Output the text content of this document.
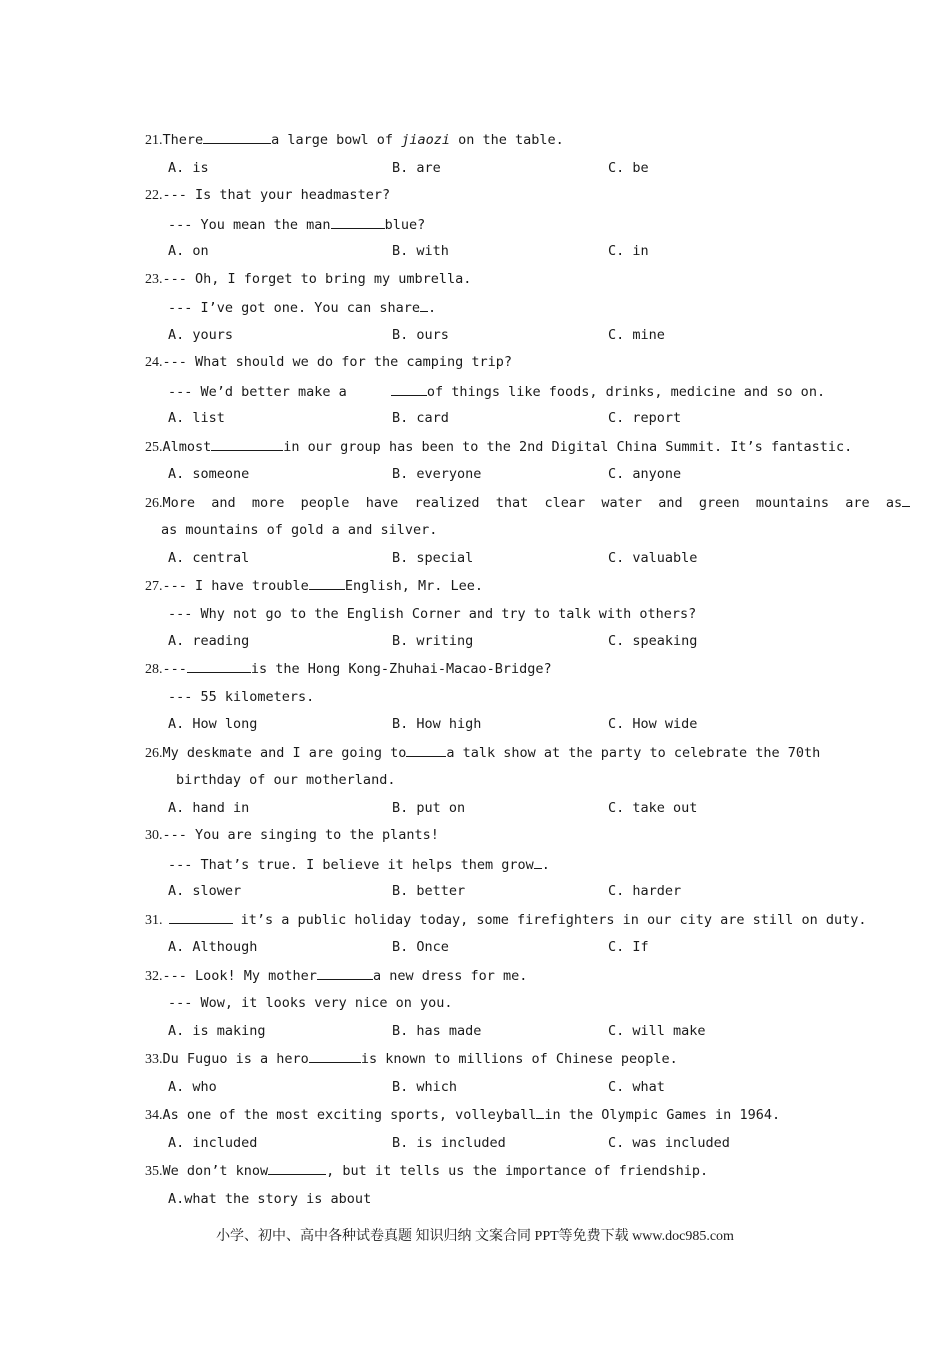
21.There	a large bowl of jiaozi on the table.
A. is	B. are	C. be
22.--- Is that your headmaster?
--- You mean the man	blue?
A. on	B. with	C. in
23.--- Oh, I forget to bring my umbrella.
--- I’ve got one. You can share .
A. yours	B. ours	C. mine
24.--- What should we do for the camping trip?
--- We’d better make a	of things like foods, drinks, medicine and so on.
A. list	B. card	C. report
25.Almost	in our group has been to the 2nd Digital China Summit. It’s fantastic.
A. someone	B. everyone	C. anyone
26.More  and  more  people  have  realized  that  clear  water  and  green  mountains  are  as
as mountains of gold a and silver.
A. central	B. special	C. valuable
27.--- I have trouble	English, Mr. Lee.
--- Why not go to the English Corner and try to talk with others?
A. reading	B. writing	C. speaking
28.---	is the Hong Kong-Zhuhai-Macao-Bridge?
--- 55 kilometers.
A. How long	B. How high	C. How wide
26.My deskmate and I are going to	a talk show at the party to celebrate the 70th
birthday of our motherland.
A. hand in	B. put on	C. take out
30.--- You are singing to the plants!
--- That’s true. I believe it helps them grow .
A. slower	B. better	C. harder
31.	it’s a public holiday today, some firefighters in our city are still on duty.
A. Although	B. Once	C. If
32.--- Look! My mother	a new dress for me.
--- Wow, it looks very nice on you.
A. is making	B. has made	C. will make
33.Du Fuguo is a hero	is known to millions of Chinese people.
A. who	B. which	C. what
34.As one of the most exciting sports, volleyball in the Olympic Games in 1964.
A. included	B. is included	C. was included
35.We don’t know	, but it tells us the importance of friendship.
A.what the story is about
小学、初中、高中各种试卷真题 知识归纳 文案合同 PPT等免费下载 www.doc985.com
